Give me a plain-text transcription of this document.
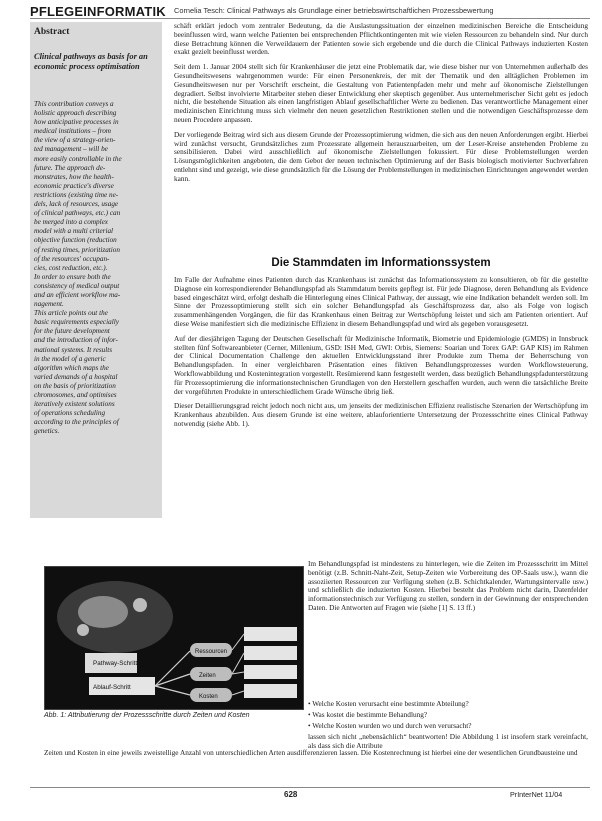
PFLEGEINFORMATIK Cornelia Tesch: Clinical Pathways als Grundlage einer betriebswirtschaftlichen Prozessbewertung
Abstract
Clinical pathways as basis for an economic process optimisation
This contribution conveys a
holistic approach describing
how anticipative processes in
medical institutions – from
the view of a strategy-orien-
ted management – will be
more easily controllable in the
future. The approach de-
monstrates, how the health-
economic practice's diverse
restrictions (existing time ne-
dels, lack of resources, usage
of clinical pathways, etc.) can
be merged into a complex
model with a multi criterial
objective function (reduction
of resting times, prioritization
of the resources' occupan-
cies, cost reduction, etc.).
In order to ensure both the
consistency of medical output
and an efficient workflow ma-
nagement.
This article points out the
basic requirements especially
for the future development
and the introduction of infor-
mational systems. It results
in the model of a generic
algorithm which maps the
varied demands of a hospital
on the basis of prioritization
chromosomes, and optimises
iteratively existent solutions
of operations scheduling
according to the principles of
genetics.

schäft erklärt jedoch vom zentraler Bedeutung, da die Auslastungssituation der einzelnen medizinischen Bereiche die Entscheidung beeinflussen wird, wann welche Patienten bei entsprechenden Pflichtkontingenten mit wie vielen Ressourcen zu behandeln sind. Nur durch diese Betrachtung können die Verweildauern der Patienten sowie sich ergebende und die durch die Clinical Pathways induzierten Kosten exakt gezielt beeinflusst werden.

Seit dem 1. Januar 2004 stellt sich für Krankenhäuser die jetzt eine Problematik dar, wie diese bisher nur von Unternehmen außerhalb des Gesundheitswesens wahrgenommen wurde: Für einen Personenkreis, der mit der Thematik und den alltäglichen Problemen im Gesundheitswesen nur per Vorschrift erscheint, die Gestaltung von Patientenpfaden mehr und mehr auf ökonomische Zielstellungen degradiert. Selbst involvierte Mitarbeiter stehen dieser Entwicklung eher skeptisch gegenüber. Aus unternehmerischer Sicht geht es jedoch nicht, die bestehende Situation als einen langfristigen Ablauf gesellschaftlicher Werte zu bedienen. Das verantwortliche Management einer medizinischen Einrichtung muss sich vielmehr den neuen gesetzlichen Restriktionen stellen und die notwendigen Geschäftsprozesse dem neuen Procedere anpassen.

Der vorliegende Beitrag wird sich aus diesem Grunde der Prozessoptimierung widmen, die sich aus den neuen Anforderungen ergibt. Hierbei wird zunächst versucht, Grundsätzliches zum Prozessrate allgemein herauszuarbeiten, um der Leser-Kreise anstehenden Probleme zu sensibilisieren. Dabei wird ausschließlich auf ökonomische Zielstellungen fokussiert. Für diese Problemstellungen werden Lösungsmöglichkeiten angeboten, die dem Gebot der neuen technischen Optimierung auf der Basis biologisch motivierter Suchverfahren entlehnt sind und gezeigt, wie diese grundsätzlich für die Lösung der Problemstellungen in medizinischen Einrichtungen angewendet werden kann.

Die Stammdaten im Informationssystem

Im Falle der Aufnahme eines Patienten durch das Krankenhaus ist zunächst das Informationssystem zu konsultieren, ob für die gestellte Diagnose ein korrespondierender Behandlungspfad als Stammdatum bereits gepflegt ist. Für jede Diagnose, deren Behandlung als Evidence based eingeschätzt wird, erfolgt deshalb die Hinterlegung eines Clinical Pathway, der aussagt, wie eine Indikation behandelt werden soll. Im Sinne der Prozessoptimierung stellt sich ein solcher Behandlungspfad als Geschäftsprozess dar, also als Folge von logisch zusammenhängenden Vorgängen, die für das Krankenhaus einen Beitrag zur Wertschöpfung leistet und sich am Patienten orientiert. Auf diese Weise manifestiert sich die medizinische Effizienz in diesem Behandlungspfad und wird als gegeben vorausgesetzt.

Auf der diesjährigen Tagung der Deutschen Gesellschaft für Medizinische Informatik, Biometrie und Epidemiologie (GMDS) in Innsbruck stellten fünf Softwareanbieter (Cerner, Millenium, GSD: ISH Med, GWI: Orbis, Siemens: Soarian und Torex GAP: GAP KIS) im Rahmen der Clinical Documentation Challenge den aktuellen Entwicklungsstand ihrer Produkte zum Thema der Beherrschung von Behandlungspfaden. In einer vergleichbaren Präsentation eines fiktiven Behandlungsprozesses wurden Workflowsteuerung, Workflowabbildung und Kostenintegration vorgestellt. Resümierend kann festgestellt werden, dass bezüglich Behandlungspfadunterstützung für Prozessoptimierung die informationstechnischen Grundlagen von den Herstellern geschaffen wurden, auch wenn die tatsächliche Breite der vorgeführten Produkte in unterschiedlichem Grade Wünsche übrig ließ.

Dieser Detaillierungsgrad reicht jedoch noch nicht aus, um jenseits der medizinischen Effizienz realistische Szenarien der Wertschöpfung im Krankenhaus abzubilden. Aus diesem Grunde ist eine weitere, ablauforientierte Untersetzung der Prozessschritte eines Clinical Pathway notwendig (siehe Abb. 1).

Pathway-Schritt
Ablauf-Schritt
Ressourcen
Zeiten
Kosten
Abb. 1: Attributierung der Prozessschritte durch Zeiten und Kosten
Im Behandlungspfad ist mindestens zu hinterlegen, wie die Zeiten im Prozessschritt im Mittel benötigt (z.B. Schnitt-Naht-Zeit, Setup-Zeiten wie Vorbereitung des OP-Saals usw.), wann die assoziierten Ressourcen zur Verfügung stehen (z.B. Schichtkalender, Wartungsintervalle usw.) und schließlich die induzierten Kosten. Hierbei besteht das Problem nicht darin, Datenfelder informationstechnisch zur Verfügung zu stellen, sondern in der Gewinnung der entsprechenden Daten. Die Antworten auf Fragen wie (siehe [1] S. 13 ff.)
• Welche Kosten verursacht eine bestimmte Abteilung?
• Was kostet die bestimmte Behandlung?
• Welche Kosten wurden wo und durch wen verursacht?
lassen sich nicht „nebensächlich“ beantworten! Die Abbildung 1 ist insofern stark vereinfacht, als dass sich die Attribute
Zeiten und Kosten in eine jeweils zweistellige Anzahl von unterschiedlichen Arten ausdifferenzieren lassen. Die Kostenrechnung ist hierbei eine der wesentlichen Grundbausteine und
628	PrInterNet 11/04
